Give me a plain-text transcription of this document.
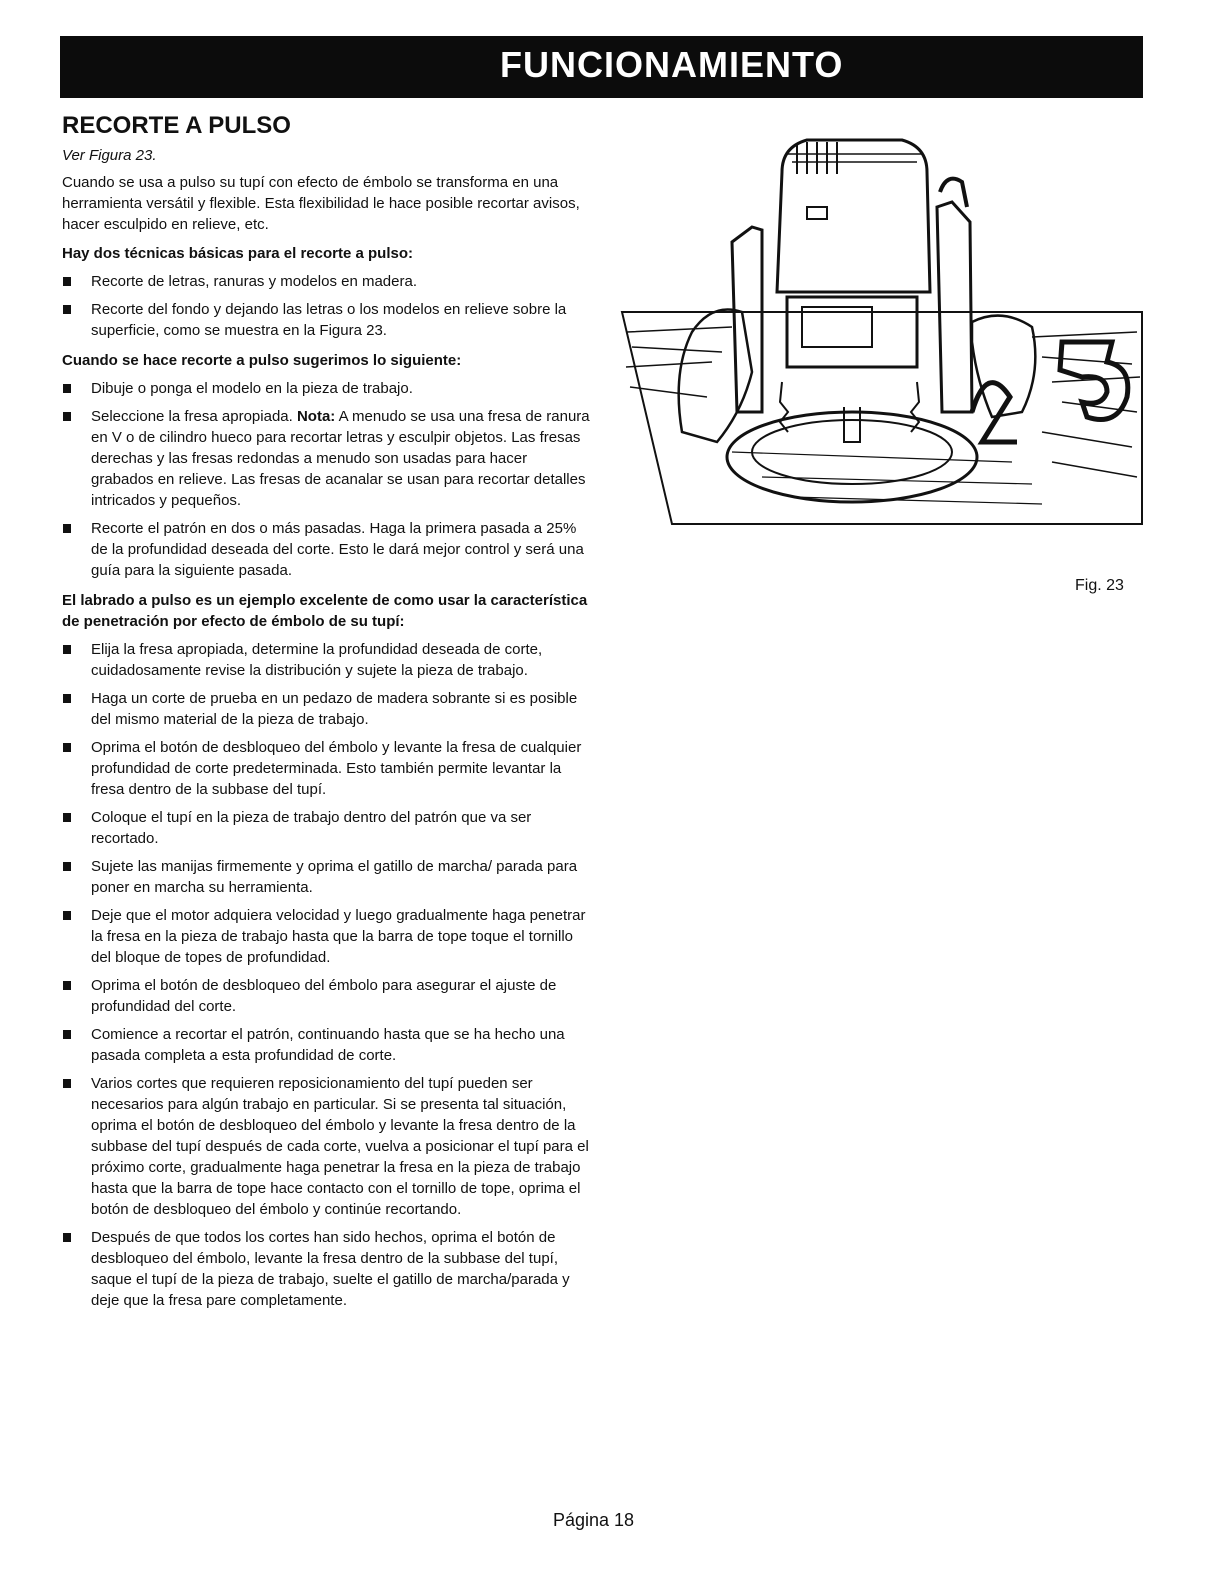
FUNCIONAMIENTO
RECORTE A PULSO
Ver Figura 23.

Cuando se usa a pulso su tupí con efecto de émbolo se transforma en una herramienta versátil y flexible. Esta flexibilidad le hace posible recortar avisos, hacer esculpido en relieve, etc.

Hay dos técnicas básicas para el recorte a pulso:
Recorte de letras, ranuras y modelos en madera.
Recorte del fondo y dejando las letras o los modelos en relieve sobre la superficie, como se muestra en la Figura 23.
Cuando se hace recorte a pulso sugerimos lo siguiente:
Dibuje o ponga el modelo en la pieza de trabajo.
Seleccione la fresa apropiada. Nota: A menudo se usa una fresa de ranura en V o de cilindro hueco para recortar letras y esculpir objetos. Las fresas derechas y las fresas redondas a menudo son usadas para hacer grabados en relieve. Las fresas de acanalar se usan para recortar detalles intricados y pequeños.
Recorte el patrón en dos o más pasadas. Haga la primera pasada a 25% de la profundidad deseada del corte. Esto le dará mejor control y será una guía para la siguiente pasada.
El labrado a pulso es un ejemplo excelente de como usar la característica de penetración por efecto de émbolo de su tupí:
Elija la fresa apropiada, determine la profundidad deseada de corte, cuidadosamente revise la distribución y sujete la pieza de trabajo.
Haga un corte de prueba en un pedazo de madera sobrante si es posible del mismo material de la pieza de trabajo.
Oprima el botón de desbloqueo del émbolo y levante la fresa de cualquier profundidad de corte predeterminada. Esto también permite levantar la fresa dentro de la subbase del tupí.
Coloque el tupí en la pieza de trabajo dentro del patrón que va ser recortado.
Sujete las manijas firmemente y oprima el gatillo de marcha/ parada para poner en marcha su herramienta.
Deje que el motor adquiera velocidad y luego gradualmente haga penetrar la fresa en la pieza de trabajo hasta que la barra de tope toque el tornillo del bloque de topes de profundidad.
Oprima el botón de desbloqueo del émbolo para asegurar el ajuste de profundidad del corte.
Comience a recortar el patrón, continuando hasta que se ha hecho una pasada completa a esta profundidad de corte.
Varios cortes que requieren reposicionamiento del tupí pueden ser necesarios para algún trabajo en particular. Si se presenta tal situación, oprima el botón de desbloqueo del émbolo y levante la fresa dentro de la subbase del tupí después de cada corte, vuelva a posicionar el tupí para el próximo corte, gradualmente haga penetrar la fresa en la pieza de trabajo hasta que la barra de tope hace contacto con el tornillo de tope, oprima el botón de desbloqueo del émbolo y continúe recortando.
Después de que todos los cortes han sido hechos, oprima el botón de desbloqueo del émbolo, levante la fresa dentro de la subbase del tupí, saque el tupí de la pieza de trabajo, suelte el gatillo de marcha/parada y deje que la fresa pare completamente.
Fig. 23
Página 18
